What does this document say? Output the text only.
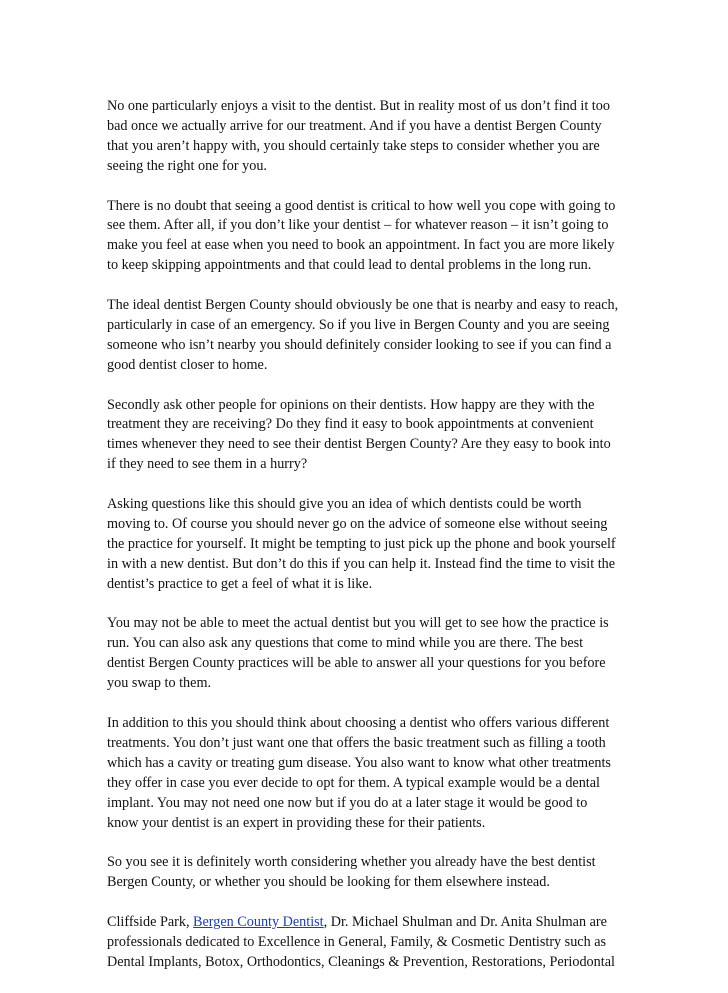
No one particularly enjoys a visit to the dentist. But in reality most of us don’t find it too bad once we actually arrive for our treatment. And if you have a dentist Bergen County that you aren’t happy with, you should certainly take steps to consider whether you are seeing the right one for you.

There is no doubt that seeing a good dentist is critical to how well you cope with going to see them. After all, if you don’t like your dentist – for whatever reason – it isn’t going to make you feel at ease when you need to book an appointment. In fact you are more likely to keep skipping appointments and that could lead to dental problems in the long run.

The ideal dentist Bergen County should obviously be one that is nearby and easy to reach, particularly in case of an emergency. So if you live in Bergen County and you are seeing someone who isn’t nearby you should definitely consider looking to see if you can find a good dentist closer to home.

Secondly ask other people for opinions on their dentists. How happy are they with the treatment they are receiving? Do they find it easy to book appointments at convenient times whenever they need to see their dentist Bergen County? Are they easy to book into if they need to see them in a hurry?

Asking questions like this should give you an idea of which dentists could be worth moving to. Of course you should never go on the advice of someone else without seeing the practice for yourself. It might be tempting to just pick up the phone and book yourself in with a new dentist. But don’t do this if you can help it. Instead find the time to visit the dentist’s practice to get a feel of what it is like.

You may not be able to meet the actual dentist but you will get to see how the practice is run. You can also ask any questions that come to mind while you are there. The best dentist Bergen County practices will be able to answer all your questions for you before you swap to them.

In addition to this you should think about choosing a dentist who offers various different treatments. You don’t just want one that offers the basic treatment such as filling a tooth which has a cavity or treating gum disease. You also want to know what other treatments they offer in case you ever decide to opt for them. A typical example would be a dental implant. You may not need one now but if you do at a later stage it would be good to know your dentist is an expert in providing these for their patients.

So you see it is definitely worth considering whether you already have the best dentist Bergen County, or whether you should be looking for them elsewhere instead.

Cliffside Park, Bergen County Dentist, Dr. Michael Shulman and Dr. Anita Shulman are professionals dedicated to Excellence in General, Family, & Cosmetic Dentistry such as Dental Implants, Botox, Orthodontics, Cleanings & Prevention, Restorations, Periodontal
